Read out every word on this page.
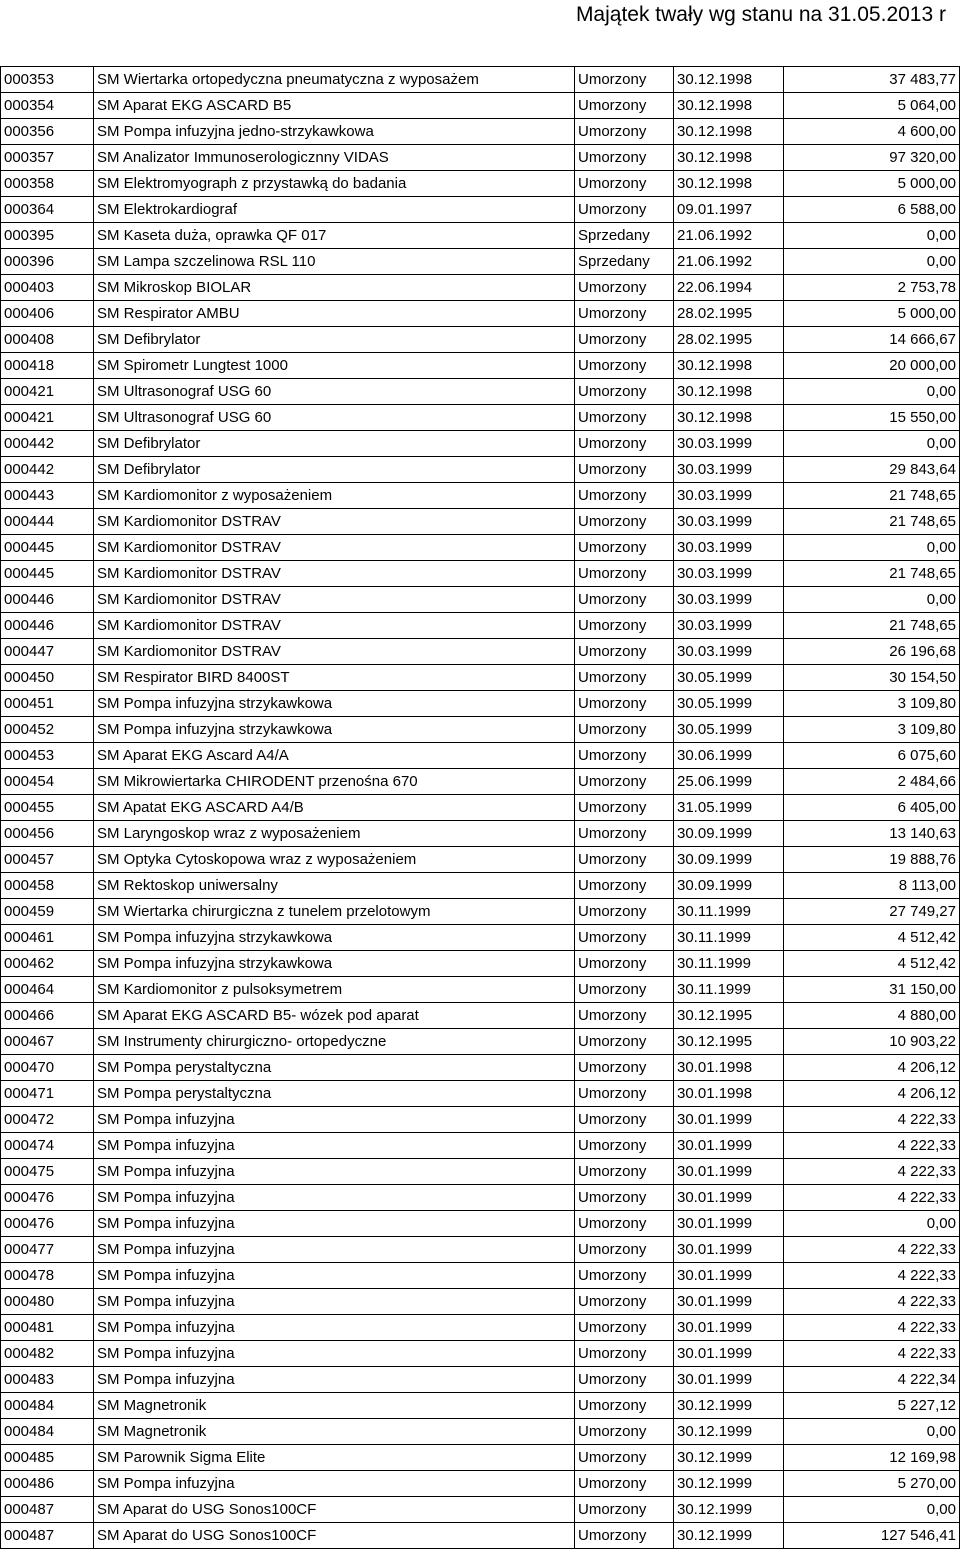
Majątek twały wg stanu na 31.05.2013 r
000353	SM Wiertarka ortopedyczna pneumatyczna z wyposażem	Umorzony	30.12.1998	37 483,77
000354	SM Aparat EKG ASCARD B5	Umorzony	30.12.1998	5 064,00
000356	SM Pompa infuzyjna jedno-strzykawkowa	Umorzony	30.12.1998	4 600,00
000357	SM Analizator Immunoserologicznny VIDAS	Umorzony	30.12.1998	97 320,00
000358	SM Elektromyograph z przystawką do badania	Umorzony	30.12.1998	5 000,00
000364	SM Elektrokardiograf	Umorzony	09.01.1997	6 588,00
000395	SM Kaseta duża, oprawka QF 017	Sprzedany	21.06.1992	0,00
000396	SM Lampa szczelinowa RSL 110	Sprzedany	21.06.1992	0,00
000403	SM Mikroskop BIOLAR	Umorzony	22.06.1994	2 753,78
000406	SM Respirator AMBU	Umorzony	28.02.1995	5 000,00
000408	SM Defibrylator	Umorzony	28.02.1995	14 666,67
000418	SM Spirometr Lungtest 1000	Umorzony	30.12.1998	20 000,00
000421	SM Ultrasonograf USG 60	Umorzony	30.12.1998	0,00
000421	SM Ultrasonograf USG 60	Umorzony	30.12.1998	15 550,00
000442	SM Defibrylator	Umorzony	30.03.1999	0,00
000442	SM Defibrylator	Umorzony	30.03.1999	29 843,64
000443	SM Kardiomonitor z wyposażeniem	Umorzony	30.03.1999	21 748,65
000444	SM Kardiomonitor DSTRAV	Umorzony	30.03.1999	21 748,65
000445	SM Kardiomonitor DSTRAV	Umorzony	30.03.1999	0,00
000445	SM Kardiomonitor DSTRAV	Umorzony	30.03.1999	21 748,65
000446	SM Kardiomonitor DSTRAV	Umorzony	30.03.1999	0,00
000446	SM Kardiomonitor DSTRAV	Umorzony	30.03.1999	21 748,65
000447	SM Kardiomonitor DSTRAV	Umorzony	30.03.1999	26 196,68
000450	SM Respirator BIRD 8400ST	Umorzony	30.05.1999	30 154,50
000451	SM Pompa infuzyjna strzykawkowa	Umorzony	30.05.1999	3 109,80
000452	SM Pompa infuzyjna strzykawkowa	Umorzony	30.05.1999	3 109,80
000453	SM Aparat EKG Ascard A4/A	Umorzony	30.06.1999	6 075,60
000454	SM Mikrowiertarka CHIRODENT przenośna 670	Umorzony	25.06.1999	2 484,66
000455	SM Apatat EKG ASCARD A4/B	Umorzony	31.05.1999	6 405,00
000456	SM Laryngoskop wraz z wyposażeniem	Umorzony	30.09.1999	13 140,63
000457	SM Optyka Cytoskopowa wraz z wyposażeniem	Umorzony	30.09.1999	19 888,76
000458	SM Rektoskop uniwersalny	Umorzony	30.09.1999	8 113,00
000459	SM Wiertarka chirurgiczna z tunelem przelotowym	Umorzony	30.11.1999	27 749,27
000461	SM Pompa infuzyjna strzykawkowa	Umorzony	30.11.1999	4 512,42
000462	SM Pompa infuzyjna strzykawkowa	Umorzony	30.11.1999	4 512,42
000464	SM Kardiomonitor z pulsoksymetrem	Umorzony	30.11.1999	31 150,00
000466	SM Aparat EKG ASCARD B5- wózek pod aparat	Umorzony	30.12.1995	4 880,00
000467	SM Instrumenty chirurgiczno- ortopedyczne	Umorzony	30.12.1995	10 903,22
000470	SM Pompa perystaltyczna	Umorzony	30.01.1998	4 206,12
000471	SM Pompa perystaltyczna	Umorzony	30.01.1998	4 206,12
000472	SM Pompa infuzyjna	Umorzony	30.01.1999	4 222,33
000474	SM Pompa infuzyjna	Umorzony	30.01.1999	4 222,33
000475	SM Pompa infuzyjna	Umorzony	30.01.1999	4 222,33
000476	SM Pompa infuzyjna	Umorzony	30.01.1999	4 222,33
000476	SM Pompa infuzyjna	Umorzony	30.01.1999	0,00
000477	SM Pompa infuzyjna	Umorzony	30.01.1999	4 222,33
000478	SM Pompa infuzyjna	Umorzony	30.01.1999	4 222,33
000480	SM Pompa infuzyjna	Umorzony	30.01.1999	4 222,33
000481	SM Pompa infuzyjna	Umorzony	30.01.1999	4 222,33
000482	SM Pompa infuzyjna	Umorzony	30.01.1999	4 222,33
000483	SM Pompa infuzyjna	Umorzony	30.01.1999	4 222,34
000484	SM Magnetronik	Umorzony	30.12.1999	5 227,12
000484	SM Magnetronik	Umorzony	30.12.1999	0,00
000485	SM Parownik Sigma Elite	Umorzony	30.12.1999	12 169,98
000486	SM Pompa infuzyjna	Umorzony	30.12.1999	5 270,00
000487	SM Aparat do USG Sonos100CF	Umorzony	30.12.1999	0,00
000487	SM Aparat do USG Sonos100CF	Umorzony	30.12.1999	127 546,41
